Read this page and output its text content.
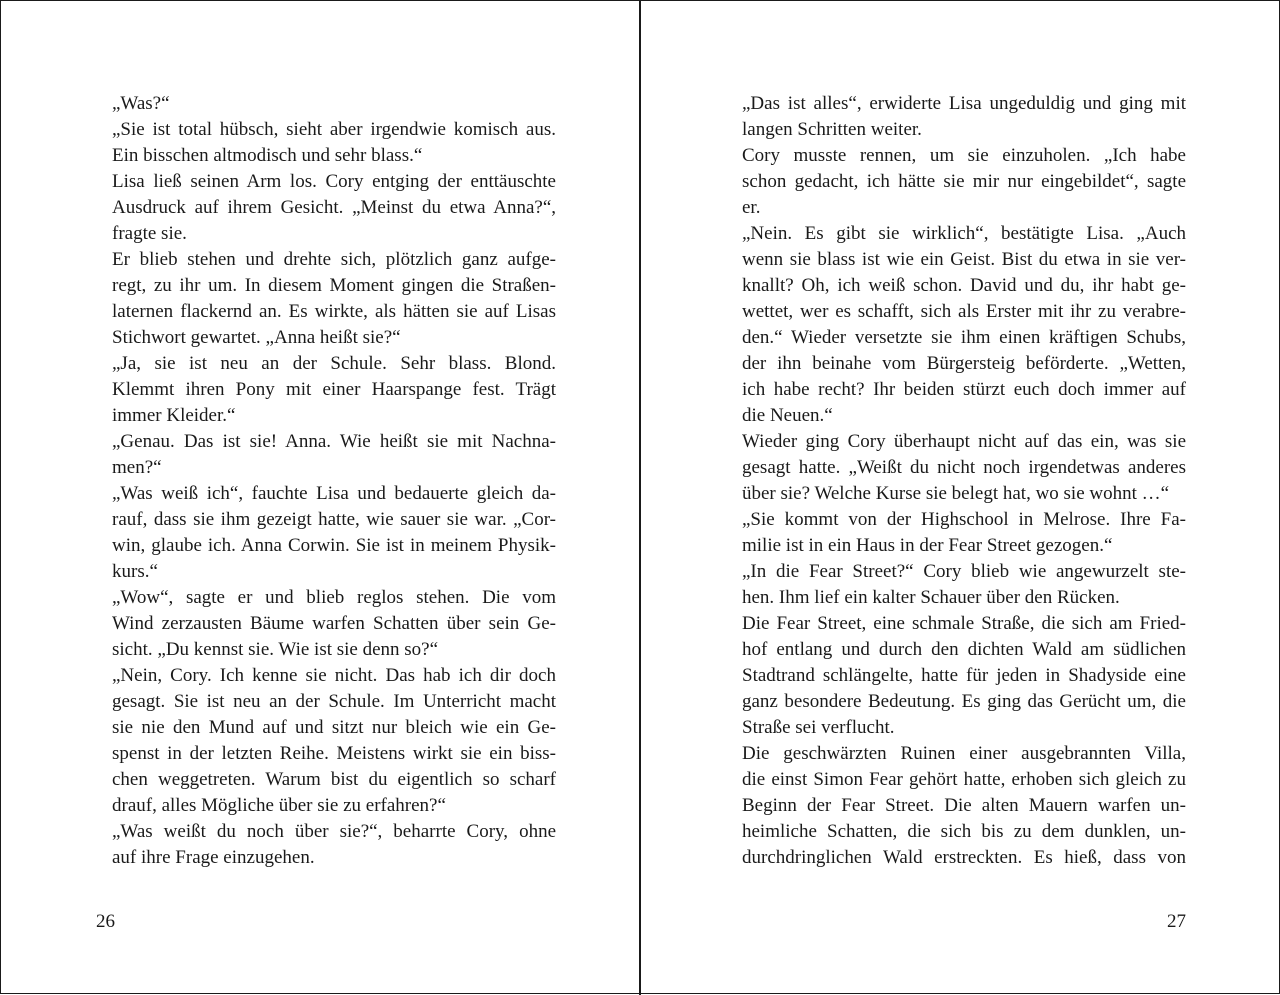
„Was?“

„Sie ist total hübsch, sieht aber irgendwie komisch aus.
Ein bisschen altmodisch und sehr blass.“

Lisa ließ seinen Arm los. Cory entging der enttäuschte
Ausdruck auf ihrem Gesicht. „Meinst du etwa Anna?“,
fragte sie.

Er blieb stehen und drehte sich, plötzlich ganz aufge-
regt, zu ihr um. In diesem Moment gingen die Straßen-
laternen flackernd an. Es wirkte, als hätten sie auf Lisas
Stichwort gewartet. „Anna heißt sie?“

„Ja, sie ist neu an der Schule. Sehr blass. Blond.
Klemmt ihren Pony mit einer Haarspange fest. Trägt
immer Kleider.“

„Genau. Das ist sie! Anna. Wie heißt sie mit Nachna-
men?“

„Was weiß ich“, fauchte Lisa und bedauerte gleich da-
rauf, dass sie ihm gezeigt hatte, wie sauer sie war. „Cor-
win, glaube ich. Anna Corwin. Sie ist in meinem Physik-
kurs.“

„Wow“, sagte er und blieb reglos stehen. Die vom
Wind zerzausten Bäume warfen Schatten über sein Ge-
sicht. „Du kennst sie. Wie ist sie denn so?“

„Nein, Cory. Ich kenne sie nicht. Das hab ich dir doch
gesagt. Sie ist neu an der Schule. Im Unterricht macht
sie nie den Mund auf und sitzt nur bleich wie ein Ge-
spenst in der letzten Reihe. Meistens wirkt sie ein biss-
chen weggetreten. Warum bist du eigentlich so scharf
drauf, alles Mögliche über sie zu erfahren?“

„Was weißt du noch über sie?“, beharrte Cory, ohne
auf ihre Frage einzugehen.

26

„Das ist alles“, erwiderte Lisa ungeduldig und ging mit
langen Schritten weiter.

Cory musste rennen, um sie einzuholen. „Ich habe
schon gedacht, ich hätte sie mir nur eingebildet“, sagte
er.

„Nein. Es gibt sie wirklich“, bestätigte Lisa. „Auch
wenn sie blass ist wie ein Geist. Bist du etwa in sie ver-
knallt? Oh, ich weiß schon. David und du, ihr habt ge-
wettet, wer es schafft, sich als Erster mit ihr zu verabre-
den.“ Wieder versetzte sie ihm einen kräftigen Schubs,
der ihn beinahe vom Bürgersteig beförderte. „Wetten,
ich habe recht? Ihr beiden stürzt euch doch immer auf
die Neuen.“

Wieder ging Cory überhaupt nicht auf das ein, was sie
gesagt hatte. „Weißt du nicht noch irgendetwas anderes
über sie? Welche Kurse sie belegt hat, wo sie wohnt …“

„Sie kommt von der Highschool in Melrose. Ihre Fa-
milie ist in ein Haus in der Fear Street gezogen.“

„In die Fear Street?“ Cory blieb wie angewurzelt ste-
hen. Ihm lief ein kalter Schauer über den Rücken.

Die Fear Street, eine schmale Straße, die sich am Fried-
hof entlang und durch den dichten Wald am südlichen
Stadtrand schlängelte, hatte für jeden in Shadyside eine
ganz besondere Bedeutung. Es ging das Gerücht um, die
Straße sei verflucht.

Die geschwärzten Ruinen einer ausgebrannten Villa,
die einst Simon Fear gehört hatte, erhoben sich gleich zu
Beginn der Fear Street. Die alten Mauern warfen un-
heimliche Schatten, die sich bis zu dem dunklen, un-
durchdringlichen Wald erstreckten. Es hieß, dass von

27
